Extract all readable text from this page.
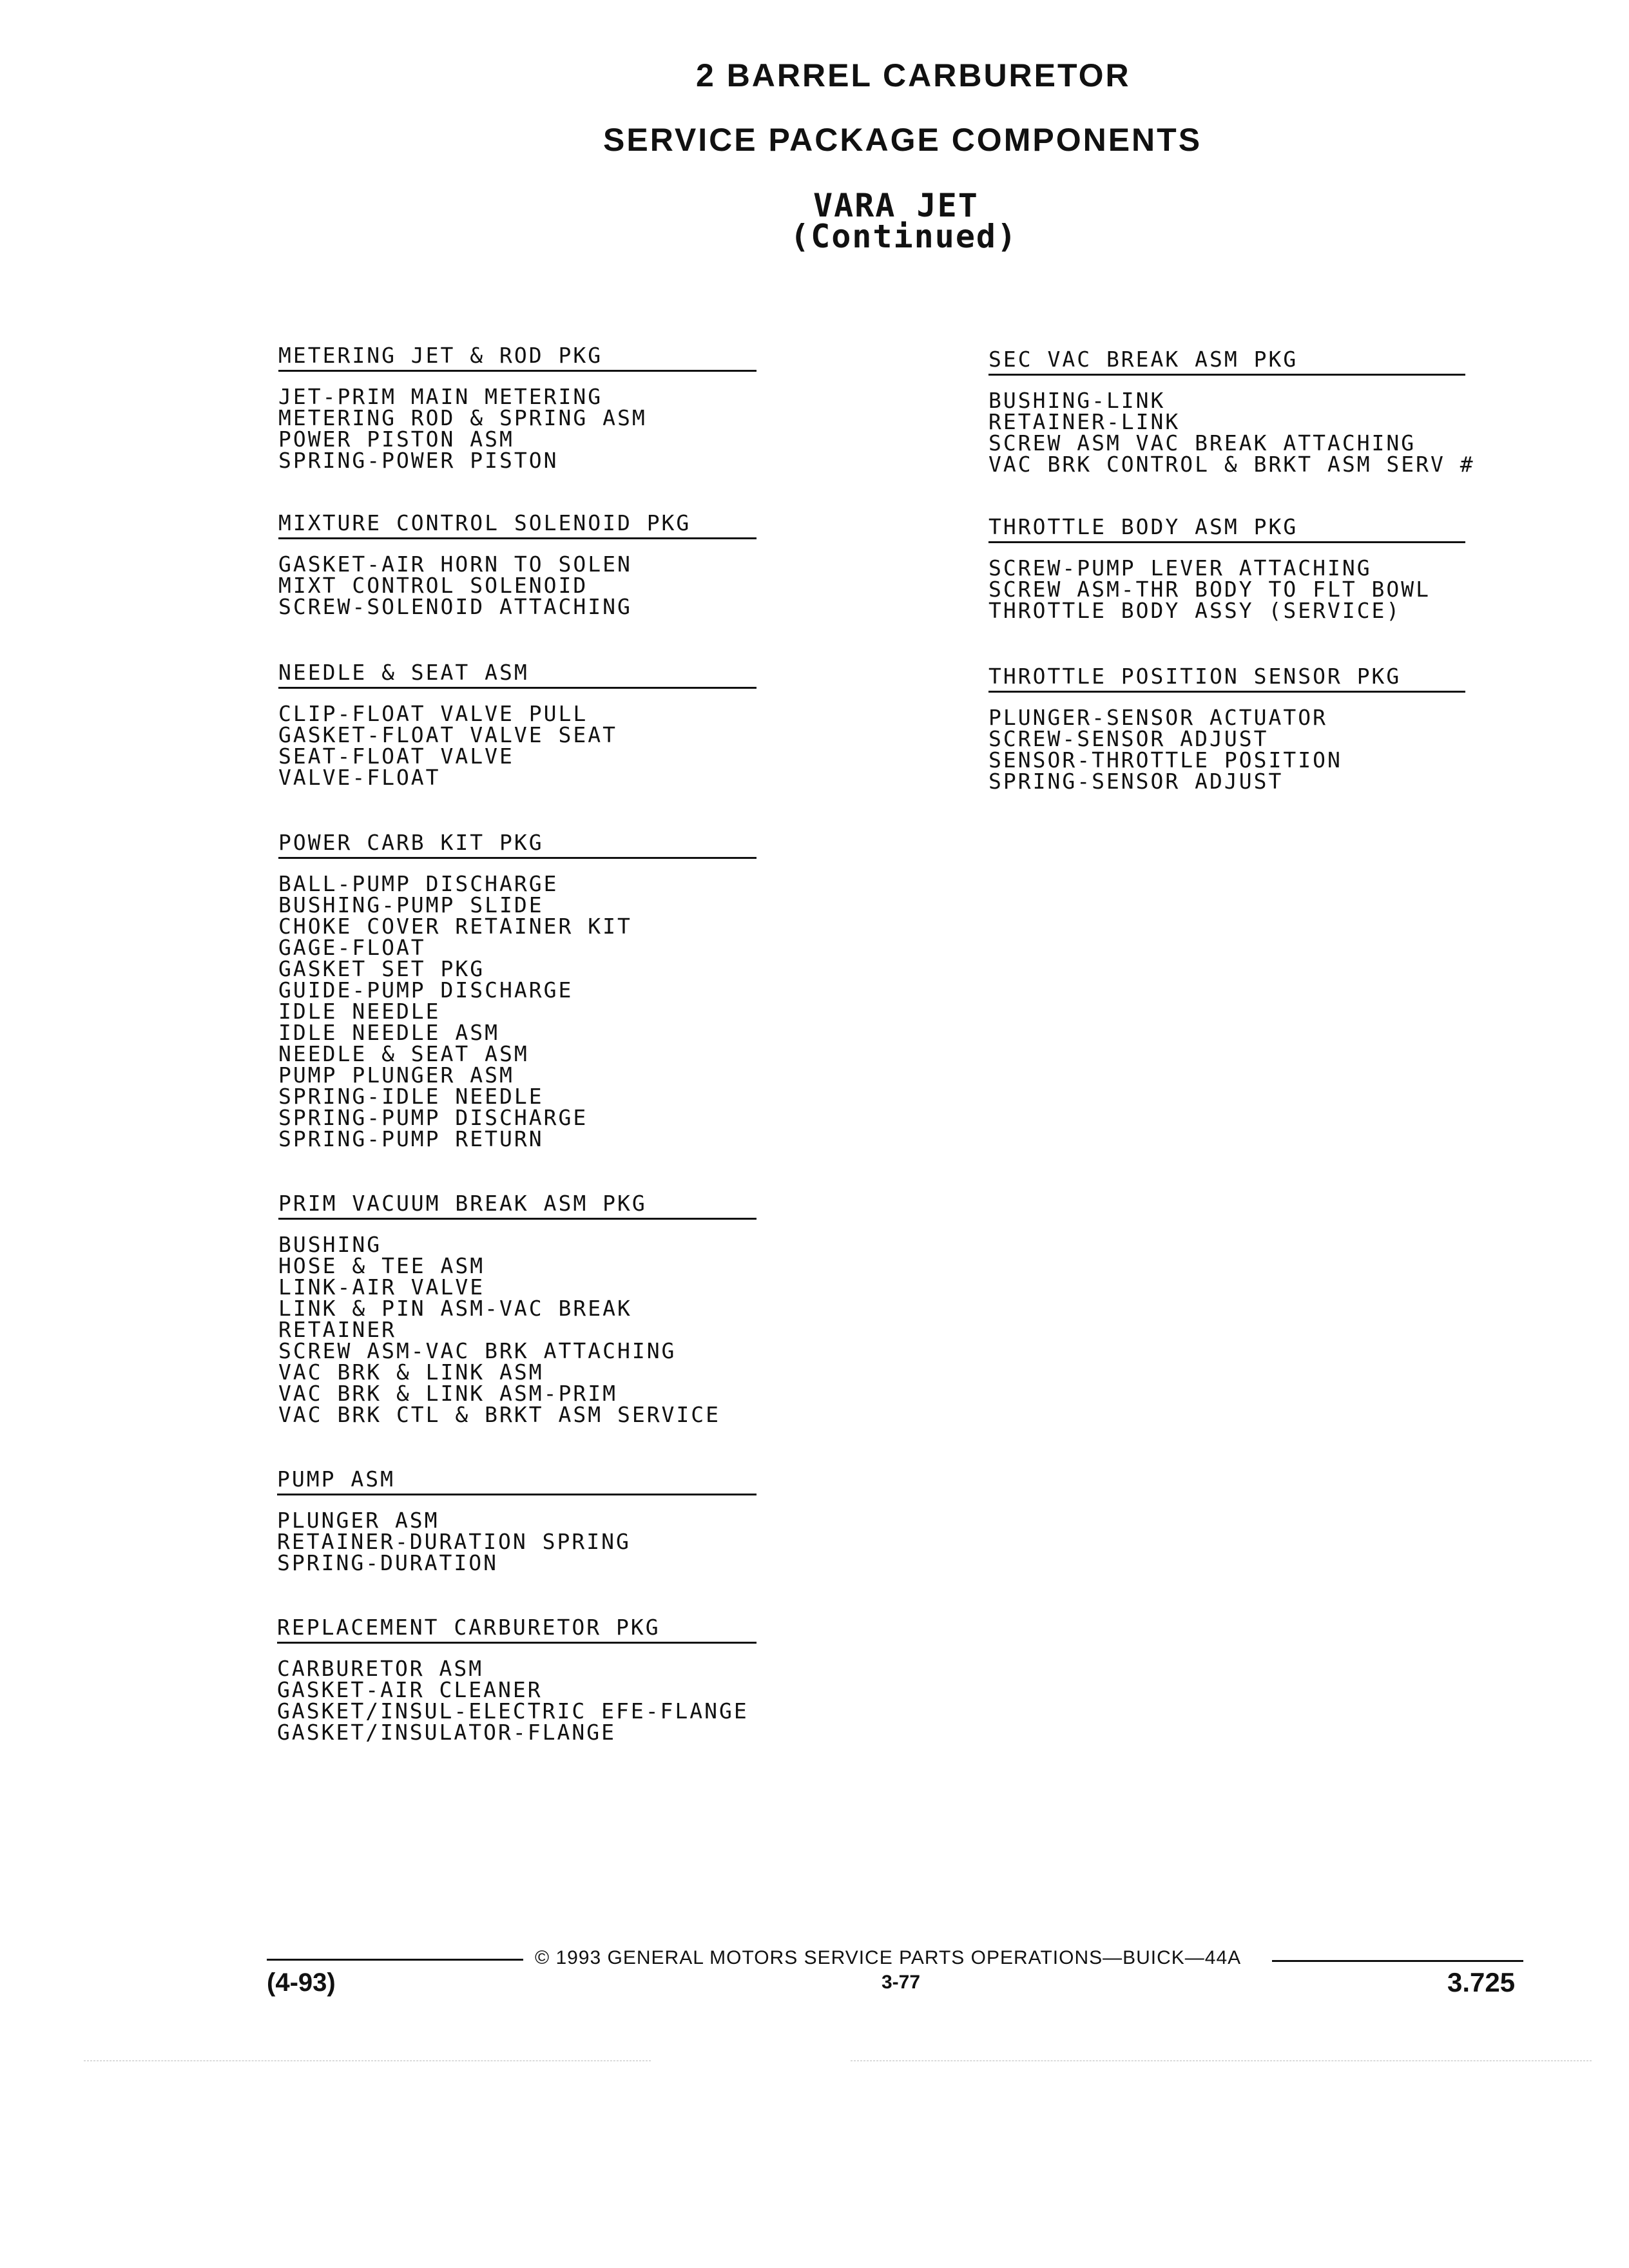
2 BARREL CARBURETOR
SERVICE PACKAGE COMPONENTS
VARA JET
(Continued)
METERING JET & ROD PKG
JET-PRIM MAIN METERING
METERING ROD & SPRING ASM
POWER PISTON ASM
SPRING-POWER PISTON
MIXTURE CONTROL SOLENOID PKG
GASKET-AIR HORN TO SOLEN
MIXT CONTROL SOLENOID
SCREW-SOLENOID ATTACHING
NEEDLE & SEAT ASM
CLIP-FLOAT VALVE PULL
GASKET-FLOAT VALVE SEAT
SEAT-FLOAT VALVE
VALVE-FLOAT
POWER CARB KIT PKG
BALL-PUMP DISCHARGE
BUSHING-PUMP SLIDE
CHOKE COVER RETAINER KIT
GAGE-FLOAT
GASKET SET PKG
GUIDE-PUMP DISCHARGE
IDLE NEEDLE
IDLE NEEDLE ASM
NEEDLE & SEAT ASM
PUMP PLUNGER ASM
SPRING-IDLE NEEDLE
SPRING-PUMP DISCHARGE
SPRING-PUMP RETURN
PRIM VACUUM BREAK ASM PKG
BUSHING
HOSE & TEE ASM
LINK-AIR VALVE
LINK & PIN ASM-VAC BREAK
RETAINER
SCREW ASM-VAC BRK ATTACHING
VAC BRK & LINK ASM
VAC BRK & LINK ASM-PRIM
VAC BRK CTL & BRKT ASM SERVICE
PUMP ASM
PLUNGER ASM
RETAINER-DURATION SPRING
SPRING-DURATION
REPLACEMENT CARBURETOR PKG
CARBURETOR ASM
GASKET-AIR CLEANER
GASKET/INSUL-ELECTRIC EFE-FLANGE
GASKET/INSULATOR-FLANGE
SEC VAC BREAK ASM PKG
BUSHING-LINK
RETAINER-LINK
SCREW ASM VAC BREAK ATTACHING
VAC BRK CONTROL & BRKT ASM SERV #
THROTTLE BODY ASM PKG
SCREW-PUMP LEVER ATTACHING
SCREW ASM-THR BODY TO FLT BOWL
THROTTLE BODY ASSY (SERVICE)
THROTTLE POSITION SENSOR PKG
PLUNGER-SENSOR ACTUATOR
SCREW-SENSOR ADJUST
SENSOR-THROTTLE POSITION
SPRING-SENSOR ADJUST
© 1993 GENERAL MOTORS SERVICE PARTS OPERATIONS—BUICK—44A
(4-93)	3-77	3.725
